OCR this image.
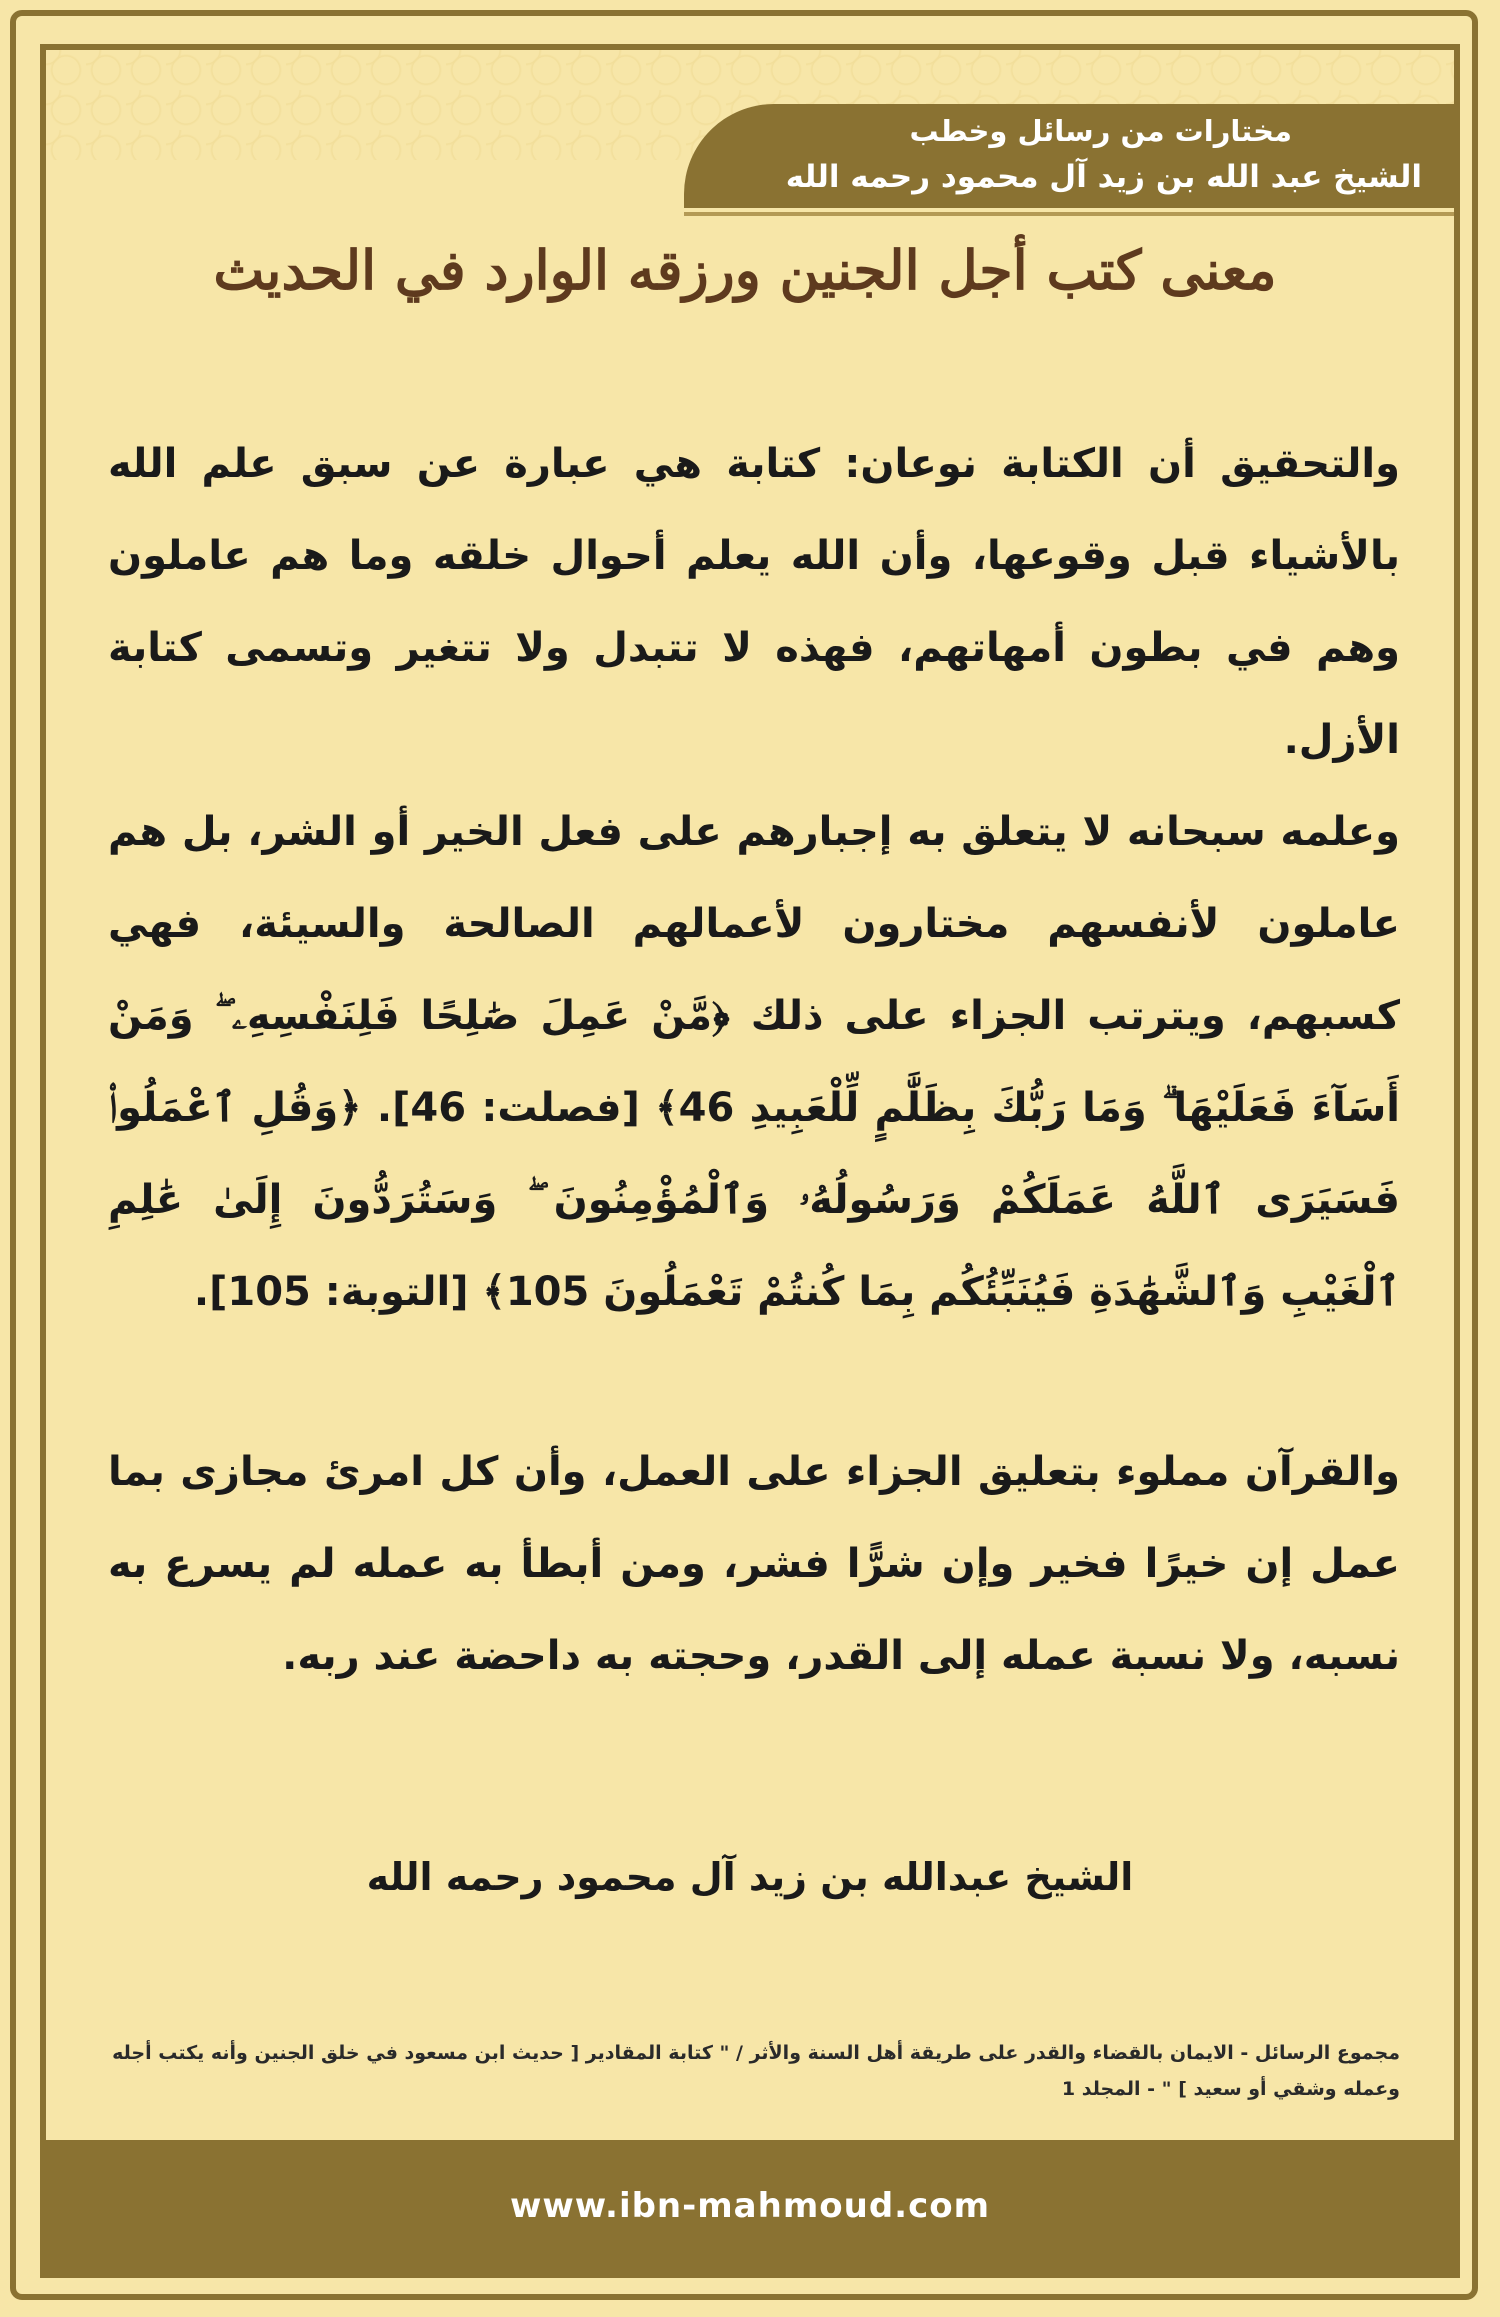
مختارات من رسائل وخطب
الشيخ عبد الله بن زيد آل محمود رحمه الله
معنى كتب أجل الجنين ورزقه الوارد في الحديث

والتحقيق أن الكتابة نوعان: كتابة هي عبارة عن سبق علم الله بالأشياء قبل وقوعها، وأن الله يعلم أحوال خلقه وما هم عاملون وهم في بطون أمهاتهم، فهذه لا تتبدل ولا تتغير وتسمى كتابة الأزل.

وعلمه سبحانه لا يتعلق به إجبارهم على فعل الخير أو الشر، بل هم عاملون لأنفسهم مختارون لأعمالهم الصالحة والسيئة، فهي كسبهم، ويترتب الجزاء على ذلك ﴿مَّنْ عَمِلَ صَٰلِحًا فَلِنَفْسِهِۦ ۖ وَمَنْ أَسَآءَ فَعَلَيْهَا ۗ وَمَا رَبُّكَ بِظَلَّٰمٍ لِّلْعَبِيدِ 46﴾ [فصلت: 46]. ﴿وَقُلِ ٱعْمَلُوا۟ فَسَيَرَى ٱللَّهُ عَمَلَكُمْ وَرَسُولُهُۥ وَٱلْمُؤْمِنُونَ ۖ وَسَتُرَدُّونَ إِلَىٰ عَٰلِمِ ٱلْغَيْبِ وَٱلشَّهَٰدَةِ فَيُنَبِّئُكُم بِمَا كُنتُمْ تَعْمَلُونَ 105﴾ [التوبة: 105].

والقرآن مملوء بتعليق الجزاء على العمل، وأن كل امرئ مجازى بما عمل إن خيرًا فخير وإن شرًّا فشر، ومن أبطأ به عمله لم يسرع به نسبه، ولا نسبة عمله إلى القدر، وحجته به داحضة عند ربه.

الشيخ عبدالله بن زيد آل محمود رحمه الله
مجموع الرسائل - الايمان بالقضاء والقدر على طريقة أهل السنة والأثر / " كتابة المقادير [ حديث ابن مسعود في خلق الجنين وأنه يكتب أجله وعمله وشقي أو سعيد ] " - المجلد 1
www.ibn-mahmoud.com
